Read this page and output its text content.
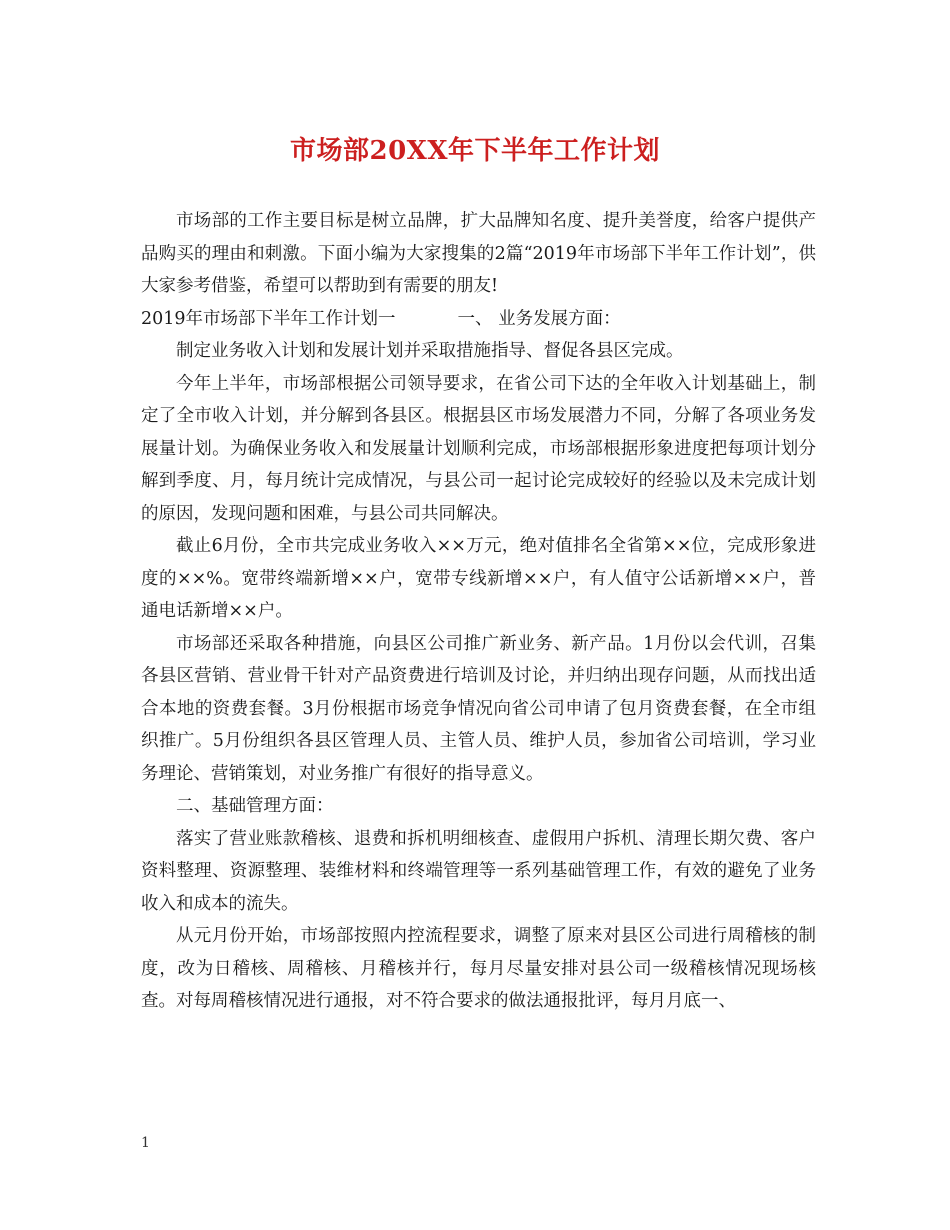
市场部20XX年下半年工作计划

市场部的工作主要目标是树立品牌，扩大品牌知名度、提升美誉度，给客户提供产品购买的理由和刺激。下面小编为大家搜集的2篇“2019年市场部下半年工作计划”，供大家参考借鉴，希望可以帮助到有需要的朋友!

2019年市场部下半年工作计划一	一、 业务发展方面：

制定业务收入计划和发展计划并采取措施指导、督促各县区完成。

今年上半年，市场部根据公司领导要求，在省公司下达的全年收入计划基础上，制定了全市收入计划，并分解到各县区。根据县区市场发展潜力不同，分解了各项业务发展量计划。为确保业务收入和发展量计划顺利完成，市场部根据形象进度把每项计划分解到季度、月，每月统计完成情况，与县公司一起讨论完成较好的经验以及未完成计划的原因，发现问题和困难，与县公司共同解决。

截止6月份，全市共完成业务收入××万元，绝对值排名全省第××位，完成形象进度的××%。宽带终端新增××户，宽带专线新增××户，有人值守公话新增××户，普通电话新增××户。

市场部还采取各种措施，向县区公司推广新业务、新产品。1月份以会代训，召集各县区营销、营业骨干针对产品资费进行培训及讨论，并归纳出现存问题，从而找出适合本地的资费套餐。3月份根据市场竞争情况向省公司申请了包月资费套餐，在全市组织推广。5月份组织各县区管理人员、主管人员、维护人员，参加省公司培训，学习业务理论、营销策划，对业务推广有很好的指导意义。

二、基础管理方面：

落实了营业账款稽核、退费和拆机明细核查、虚假用户拆机、清理长期欠费、客户资料整理、资源整理、装维材料和终端管理等一系列基础管理工作，有效的避免了业务收入和成本的流失。

从元月份开始，市场部按照内控流程要求，调整了原来对县区公司进行周稽核的制度，改为日稽核、周稽核、月稽核并行，每月尽量安排对县公司一级稽核情况现场核查。对每周稽核情况进行通报，对不符合要求的做法通报批评，每月月底一、

1
